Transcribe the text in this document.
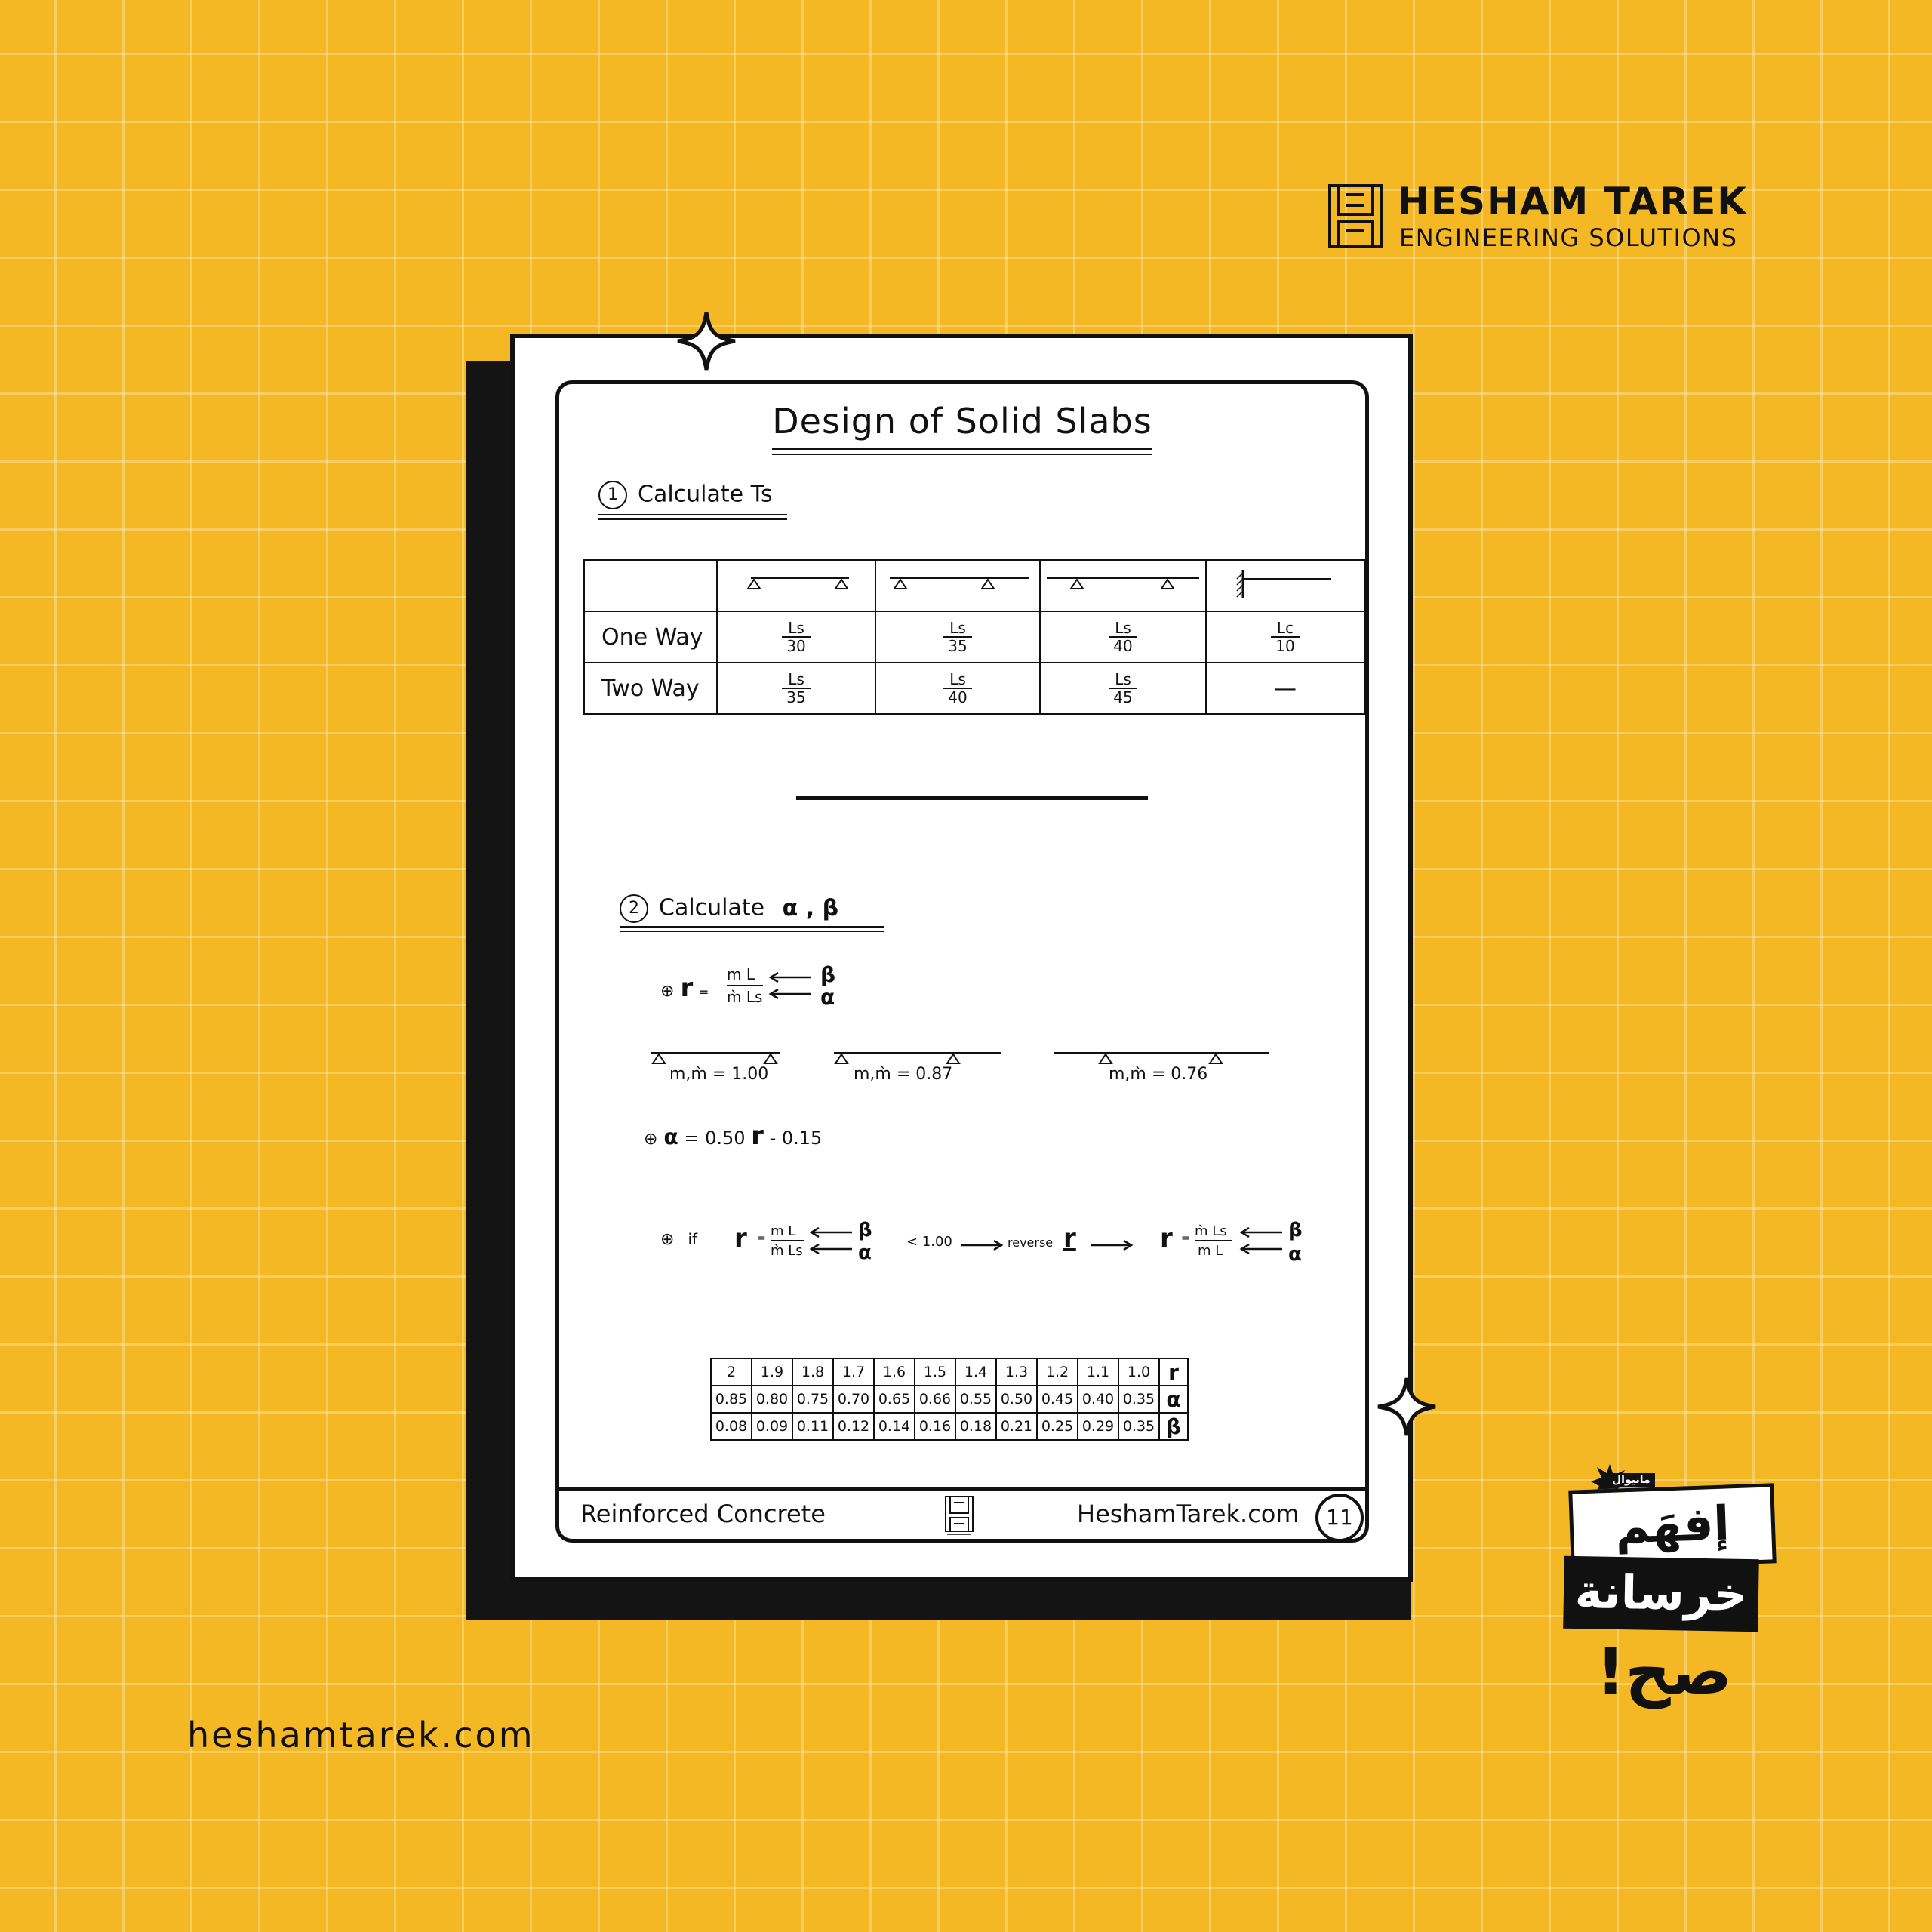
HESHAM TAREK
ENGINEERING SOLUTIONS
heshamtarek.com
Design of Solid Slabs
1 Calculate Ts

One Way	$\frac{Ls}{30}$	$\frac{Ls}{35}$	$\frac{Ls}{40}$	$\frac{Lc}{10}$

Two Way	$\frac{Ls}{35}$	$\frac{Ls}{40}$	$\frac{Ls}{45}$	—
2 Calculate α , β
⊕ r =
m L
m̀ Ls
β
α
m,m̀ = 1.00	m,m̀ = 0.87	m,m̀ = 0.76
⊕ α = 0.50 r - 0.15
⊕ if r = m L
m̀ Ls
β
α	< 1.00	reverse r	r = m̀ Ls
m L
β
α
2	1.9	1.8	1.7	1.6	1.5	1.4	1.3	1.2	1.1	1.0	r
0.85	0.80	0.75	0.70	0.65	0.66	0.55	0.50	0.45	0.40	0.35	α
0.08	0.09	0.11	0.12	0.14	0.16	0.18	0.21	0.25	0.29	0.35	β
Reinforced Concrete	HeshamTarek.com	11	إفهَم
مانيوال
خرسانة
صح!
